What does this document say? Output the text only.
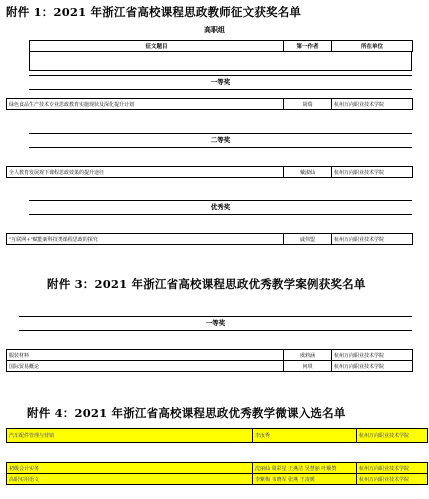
附件 1：2021 年浙江省高校课程思政教师征文获奖名单
高职组
征文题目	第一作者	所在单位
一等奖
绿色食品生产技术专业思政教育实施现状及深化提升计划	胡瑞	杭州万向职业技术学院
二等奖
全人教育发展观下课程思政效果的提升途径	戴淑仙	杭州万向职业技术学院
优秀奖
"互联网+"赋能新科技类课程思政的探究	戚伟盟	杭州万向职业技术学院
附件 3：2021 年浙江省高校课程思政优秀教学案例获奖名单
一等奖
服装材料	虞莉涵	杭州万向职业技术学院
国际贸易概论	何琪	杭州万向职业技术学院
附件 4：2021 年浙江省高校课程思政优秀教学微课入选名单
汽车配件管理与营销	李汝秀	杭州万向职业技术学院
初级会计实务	沈丽仙 周彩星 王燕洁 吴慧丽 叶顺赞	杭州万向职业技术学院
高职实用语文	李紫梅 韦晓军 张燕 王凌媛	杭州万向职业技术学院
